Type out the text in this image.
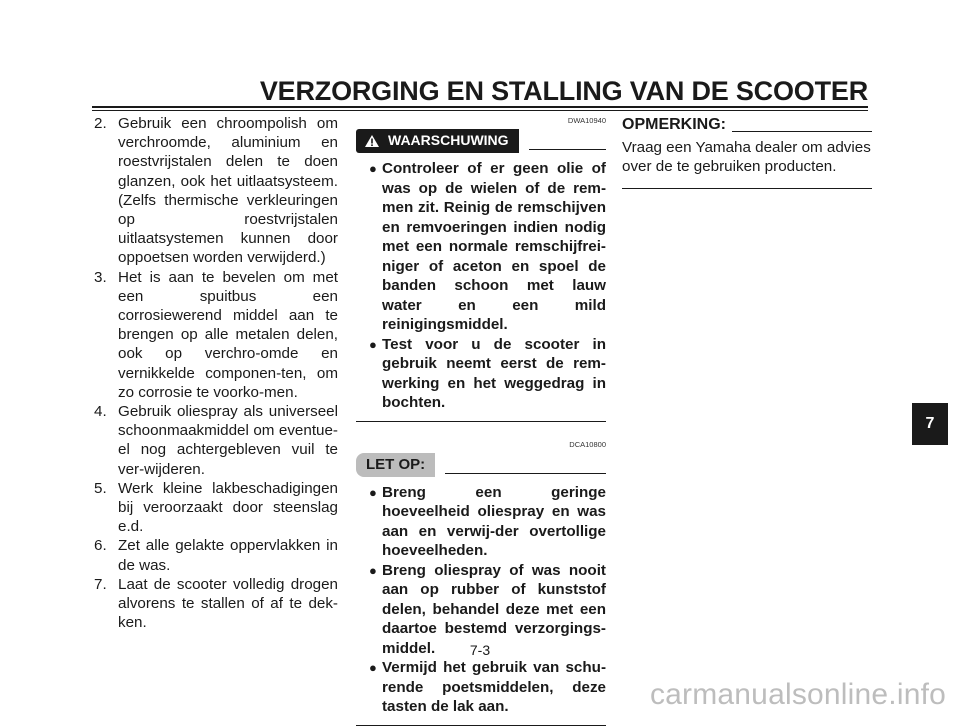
VERZORGING EN STALLING VAN DE SCOOTER
2. Gebruik een chroompolish om verchroomde, aluminium en roestvrijstalen delen te doen glanzen, ook het uitlaatsysteem. (Zelfs thermische verkleuringen op roestvrijstalen uitlaatsystemen kunnen door oppoetsen worden verwijderd.)
3. Het is aan te bevelen om met een spuitbus een corrosiewerend middel aan te brengen op alle metalen delen, ook op verchro-omde en vernikkelde componen-ten, om zo corrosie te voorko-men.
4. Gebruik oliespray als universeel schoonmaakmiddel om eventue-el nog achtergebleven vuil te ver-wijderen.
5. Werk kleine lakbeschadigingen bij veroorzaakt door steenslag e.d.
6. Zet alle gelakte oppervlakken in de was.
7. Laat de scooter volledig drogen alvorens te stallen of af te dek-ken.
DWA10940
WAARSCHUWING
● Controleer of er geen olie of was op de wielen of de rem-men zit. Reinig de remschijven en remvoeringen indien nodig met een normale remschijfrei-niger of aceton en spoel de banden schoon met lauw water en een mild reinigingsmiddel.
● Test voor u de scooter in gebruik neemt eerst de rem-werking en het weggedrag in bochten.
DCA10800
LET OP:
● Breng een geringe hoeveelheid oliespray en was aan en verwij-der overtollige hoeveelheden.
● Breng oliespray of was nooit aan op rubber of kunststof delen, behandel deze met een daartoe bestemd verzorgings-middel.
● Vermijd het gebruik van schu-rende poetsmiddelen, deze tasten de lak aan.
OPMERKING:
Vraag een Yamaha dealer om advies over de te gebruiken producten.
7-3
7
carmanualsonline.info
